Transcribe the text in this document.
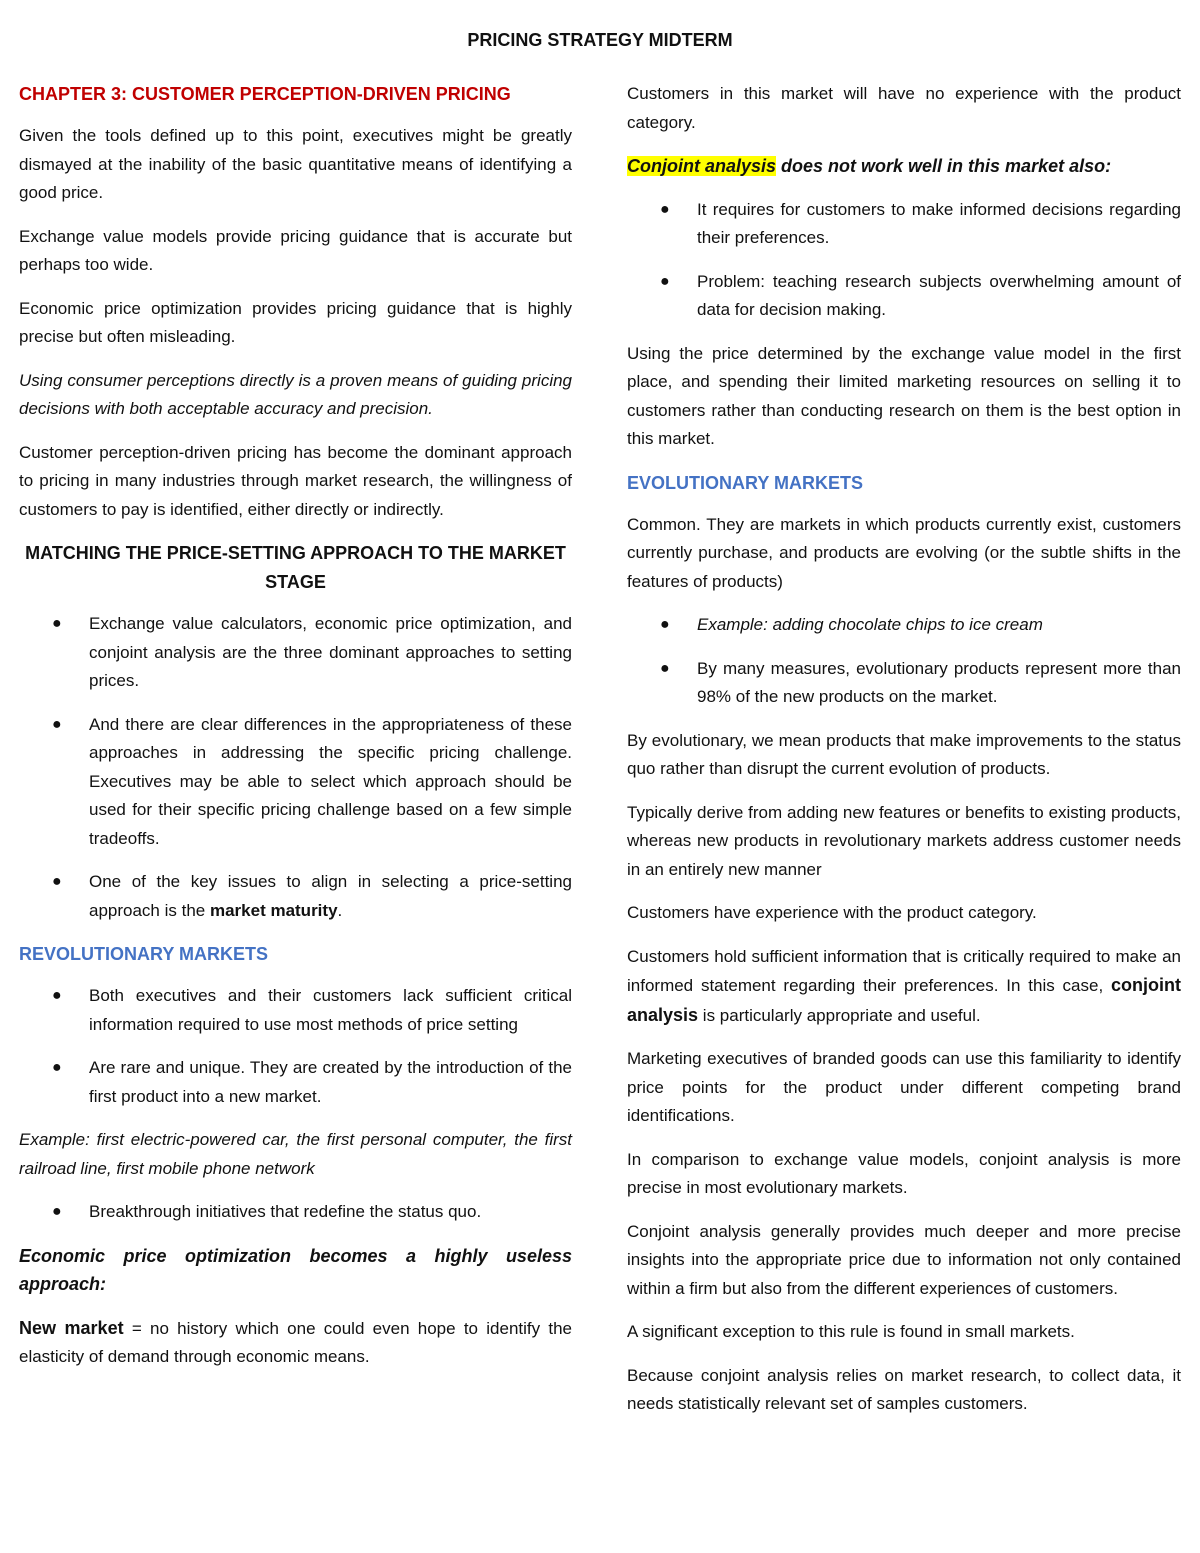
PRICING STRATEGY MIDTERM
CHAPTER 3: CUSTOMER PERCEPTION-DRIVEN PRICING

Given the tools defined up to this point, executives might be greatly dismayed at the inability of the basic quantitative means of identifying a good price.

Exchange value models provide pricing guidance that is accurate but perhaps too wide.

Economic price optimization provides pricing guidance that is highly precise but often misleading.

Using consumer perceptions directly is a proven means of guiding pricing decisions with both acceptable accuracy and precision.

Customer perception-driven pricing has become the dominant approach to pricing in many industries through market research, the willingness of customers to pay is identified, either directly or indirectly.

MATCHING THE PRICE-SETTING APPROACH TO THE MARKET STAGE
● Exchange value calculators, economic price optimization, and conjoint analysis are the three dominant approaches to setting prices.
● And there are clear differences in the appropriateness of these approaches in addressing the specific pricing challenge. Executives may be able to select which approach should be used for their specific pricing challenge based on a few simple tradeoffs.
● One of the key issues to align in selecting a price-setting approach is the market maturity.
REVOLUTIONARY MARKETS
● Both executives and their customers lack sufficient critical information required to use most methods of price setting
● Are rare and unique. They are created by the introduction of the first product into a new market.

Example: first electric-powered car, the first personal computer, the first railroad line, first mobile phone network

● Breakthrough initiatives that redefine the status quo.

Economic price optimization becomes a highly useless approach:

New market = no history which one could even hope to identify the elasticity of demand through economic means.

Customers in this market will have no experience with the product category.

Conjoint analysis does not work well in this market also:

● It requires for customers to make informed decisions regarding their preferences.
● Problem: teaching research subjects overwhelming amount of data for decision making.

Using the price determined by the exchange value model in the first place, and spending their limited marketing resources on selling it to customers rather than conducting research on them is the best option in this market.

EVOLUTIONARY MARKETS

Common. They are markets in which products currently exist, customers currently purchase, and products are evolving (or the subtle shifts in the features of products)

● Example: adding chocolate chips to ice cream
● By many measures, evolutionary products represent more than 98% of the new products on the market.

By evolutionary, we mean products that make improvements to the status quo rather than disrupt the current evolution of products.

Typically derive from adding new features or benefits to existing products, whereas new products in revolutionary markets address customer needs in an entirely new manner

Customers have experience with the product category.

Customers hold sufficient information that is critically required to make an informed statement regarding their preferences. In this case, conjoint analysis is particularly appropriate and useful.

Marketing executives of branded goods can use this familiarity to identify price points for the product under different competing brand identifications.

In comparison to exchange value models, conjoint analysis is more precise in most evolutionary markets.

Conjoint analysis generally provides much deeper and more precise insights into the appropriate price due to information not only contained within a firm but also from the different experiences of customers.

A significant exception to this rule is found in small markets.

Because conjoint analysis relies on market research, to collect data, it needs statistically relevant set of samples customers.
